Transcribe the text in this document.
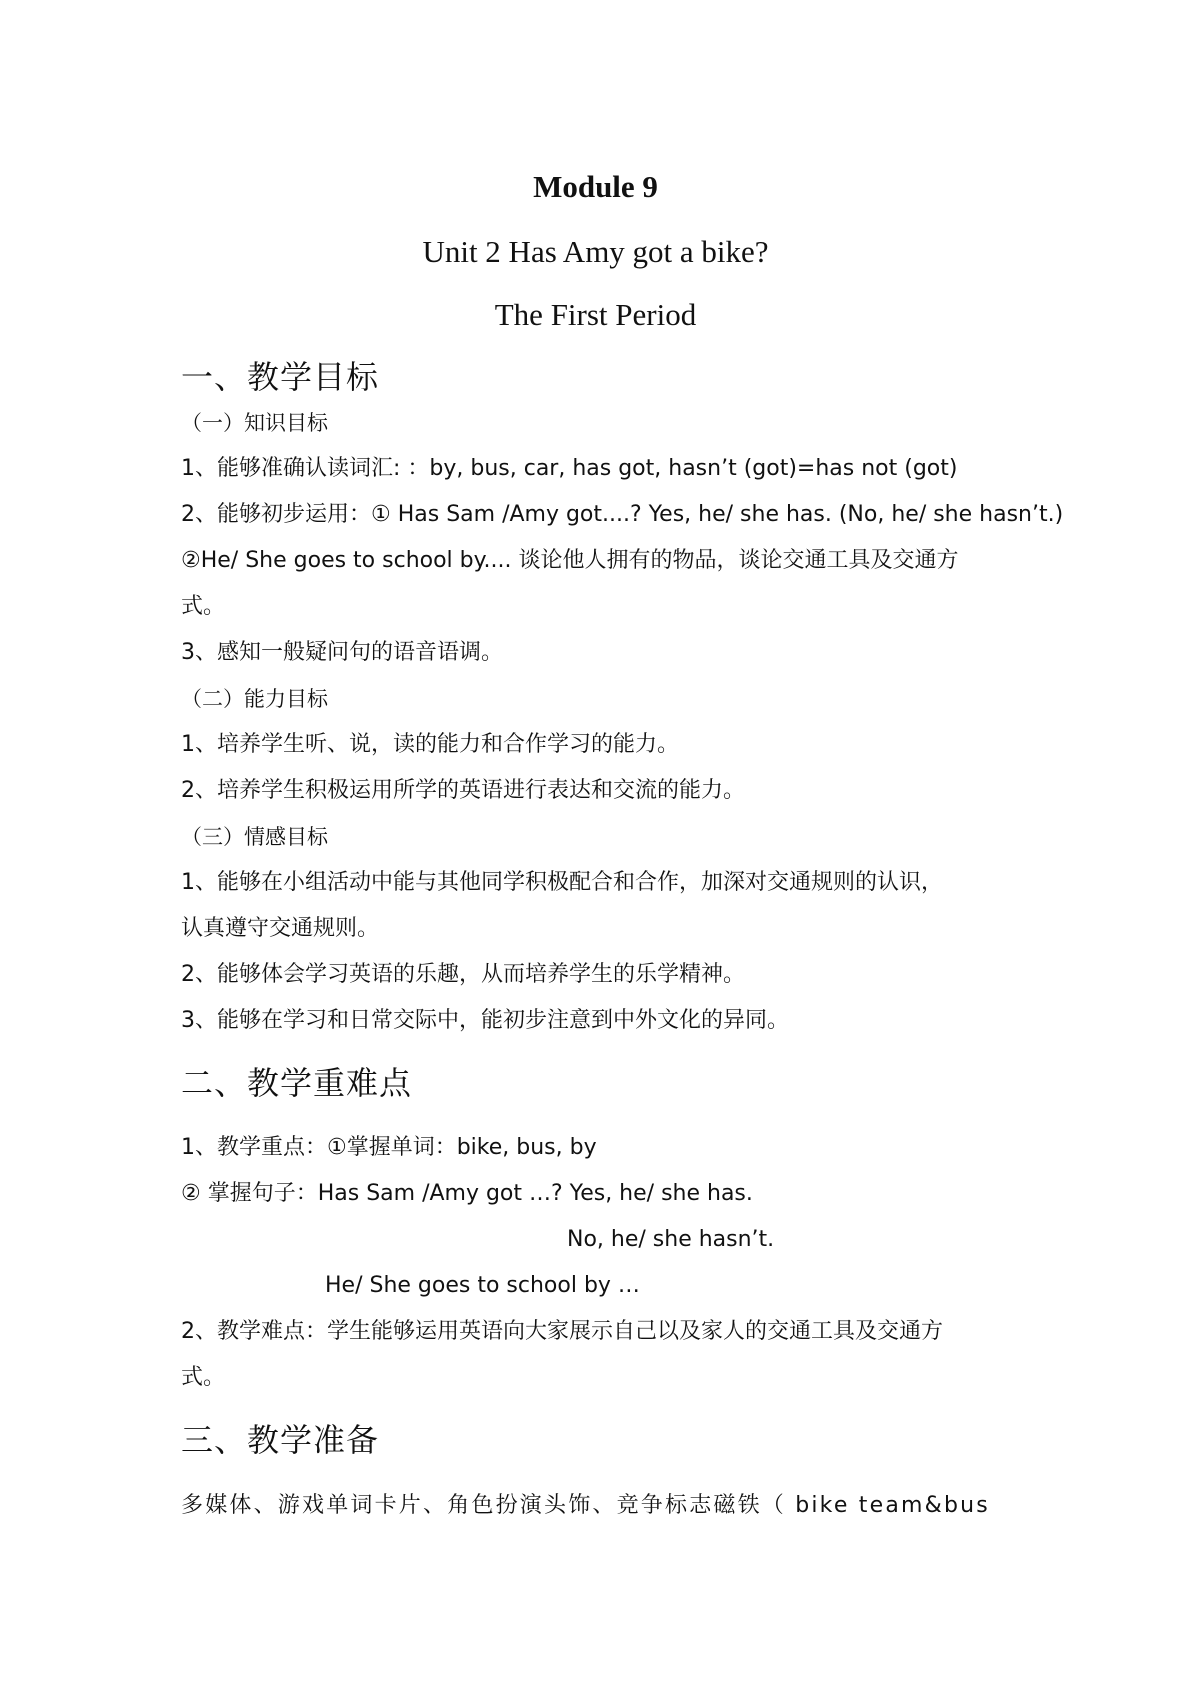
Module 9
Unit 2 Has Amy got a bike?
The First Period
一、教学目标
（一）知识目标
1、能够准确认读词汇: ：by, bus, car, has got, hasn’t (got)=has not (got)
2、能够初步运用：① Has Sam /Amy got....? Yes, he/ she has. (No, he/ she hasn’t.)
②He/ She goes to school by.... 谈论他人拥有的物品，谈论交通工具及交通方
式。
3、感知一般疑问句的语音语调。
（二）能力目标
1、培养学生听、说，读的能力和合作学习的能力。
2、培养学生积极运用所学的英语进行表达和交流的能力。
（三）情感目标
1、能够在小组活动中能与其他同学积极配合和合作，加深对交通规则的认识，
认真遵守交通规则。
2、能够体会学习英语的乐趣，从而培养学生的乐学精神。
3、能够在学习和日常交际中，能初步注意到中外文化的异同。
二、教学重难点
1、教学重点：①掌握单词：bike, bus, by
② 掌握句子：Has Sam /Amy got …? Yes, he/ she has.
No, he/ she hasn’t.
He/ She goes to school by …
2、教学难点：学生能够运用英语向大家展示自己以及家人的交通工具及交通方
式。
三、教学准备
多媒体、游戏单词卡片、角色扮演头饰、竞争标志磁铁（ bike team&bus
